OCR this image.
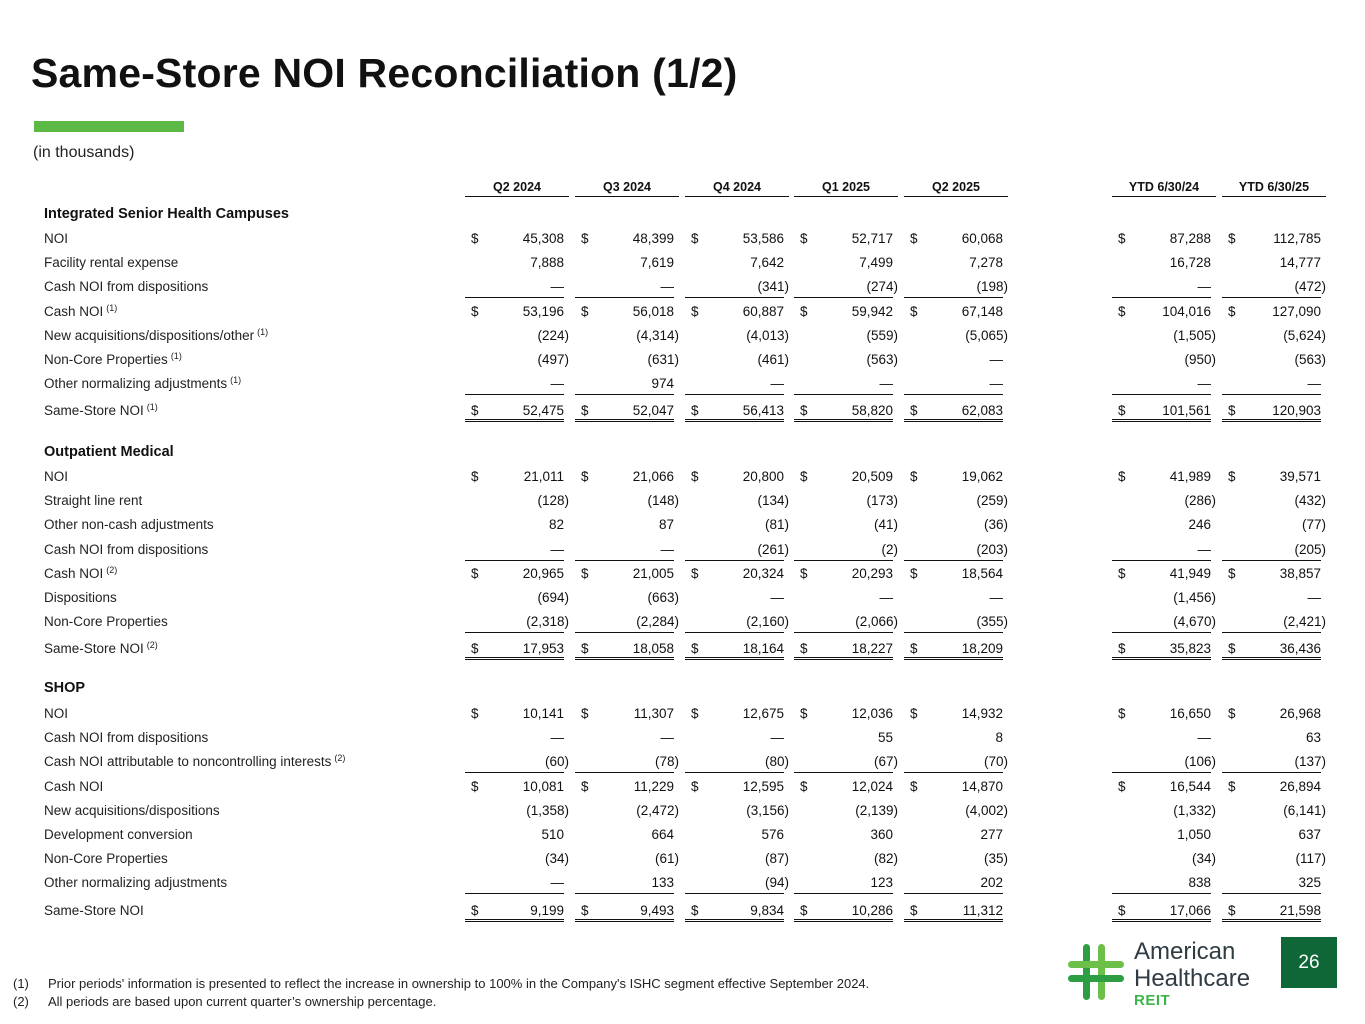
Same-Store NOI Reconciliation (1/2)
(in thousands)
Q2 2024	Q3 2024	Q4 2024	Q1 2025	Q2 2025	YTD 6/30/24	YTD 6/30/25
Integrated Senior Health Campuses
NOI	$	45,308 $	48,399 $	53,586 $	52,717 $	60,068	$	87,288 $	112,785
Facility rental expense	7,888	7,619	7,642	7,499	7,278	16,728	14,777
Cash NOI from dispositions	—	—	(341)	(274)	(198)	—	(472)
Cash NOI $^{(1)}$	$	53,196 $	56,018 $	60,887 $	59,942 $	67,148	$	104,016 $	127,090
New acquisitions/dispositions/other $^{(1)}$	(224)	(4,314)	(4,013)	(559)	(5,065)	(1,505)	(5,624)
Non-Core Properties $^{(1)}$	(497)	(631)	(461)	(563)	—	(950)	(563)
Other normalizing adjustments $^{(1)}$	—	974	—	—	—	—	—
Same-Store NOI $^{(1)}$	$	52,475 $	52,047 $	56,413 $	58,820 $	62,083	$	101,561 $	120,903
Outpatient Medical
NOI	$	21,011 $	21,066 $	20,800 $	20,509 $	19,062	$	41,989 $	39,571
Straight line rent	(128)	(148)	(134)	(173)	(259)	(286)	(432)
Other non-cash adjustments	82	87	(81)	(41)	(36)	246	(77)
Cash NOI from dispositions	—	—	(261)	(2)	(203)	—	(205)
Cash NOI $^{(2)}$	$	20,965 $	21,005 $	20,324 $	20,293 $	18,564	$	41,949 $	38,857
Dispositions	(694)	(663)	—	—	—	(1,456)	—
Non-Core Properties	(2,318)	(2,284)	(2,160)	(2,066)	(355)	(4,670)	(2,421)
Same-Store NOI $^{(2)}$	$	17,953 $	18,058 $	18,164 $	18,227 $	18,209	$	35,823 $	36,436
SHOP
NOI	$	10,141 $	11,307 $	12,675 $	12,036 $	14,932	$	16,650 $	26,968
Cash NOI from dispositions	—	—	—	55	8	—	63
Cash NOI attributable to noncontrolling interests $^{(2)}$	(60)	(78)	(80)	(67)	(70)	(106)	(137)
Cash NOI	$	10,081 $	11,229 $	12,595 $	12,024 $	14,870	$	16,544 $	26,894
New acquisitions/dispositions	(1,358)	(2,472)	(3,156)	(2,139)	(4,002)	(1,332)	(6,141)
Development conversion	510	664	576	360	277	1,050	637
Non-Core Properties	(34)	(61)	(87)	(82)	(35)	(34)	(117)
Other normalizing adjustments	—	133	(94)	123	202	838	325
Same-Store NOI	$	9,199 $	9,493 $	9,834 $	10,286 $	11,312	$	17,066 $	21,598
(1) Prior periods' information is presented to reflect the increase in ownership to 100% in the Company's ISHC segment effective September 2024.
(2) All periods are based upon current quarter’s ownership percentage.
American
Healthcare
REIT
26
